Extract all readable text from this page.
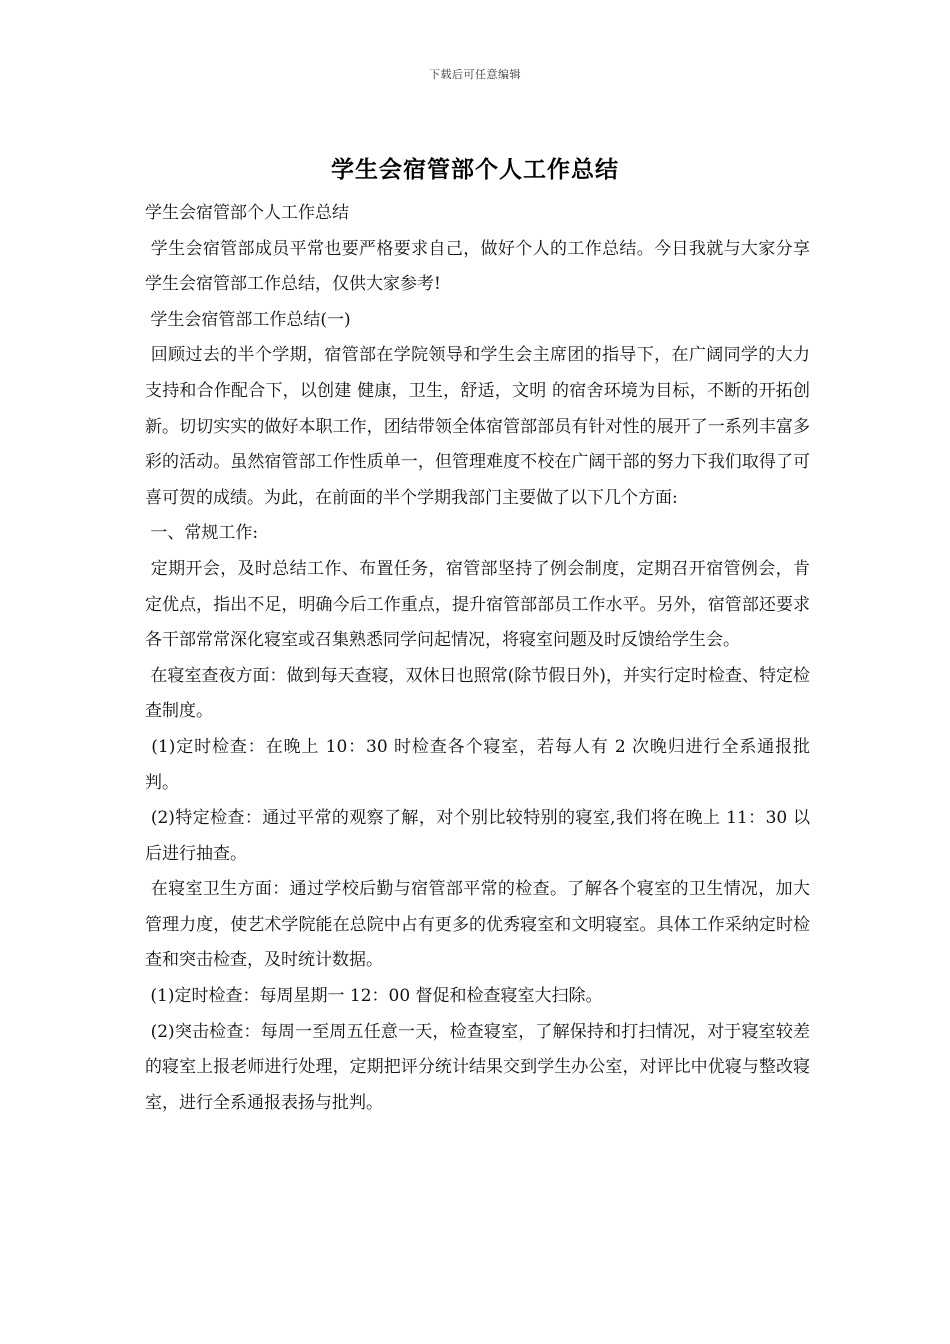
下载后可任意编辑
学生会宿管部个人工作总结

学生会宿管部个人工作总结

学生会宿管部成员平常也要严格要求自己，做好个人的工作总结。今日我就与大家分享学生会宿管部工作总结，仅供大家参考!

学生会宿管部工作总结(一)

回顾过去的半个学期，宿管部在学院领导和学生会主席团的指导下，在广阔同学的大力支持和合作配合下，以创建 健康，卫生，舒适，文明 的宿舍环境为目标，不断的开拓创新。切切实实的做好本职工作，团结带领全体宿管部部员有针对性的展开了一系列丰富多彩的活动。虽然宿管部工作性质单一，但管理难度不校在广阔干部的努力下我们取得了可喜可贺的成绩。为此，在前面的半个学期我部门主要做了以下几个方面:

一、常规工作:

定期开会，及时总结工作、布置任务，宿管部坚持了例会制度，定期召开宿管例会，肯定优点，指出不足，明确今后工作重点，提升宿管部部员工作水平。另外，宿管部还要求各干部常常深化寝室或召集熟悉同学问起情况，将寝室问题及时反馈给学生会。

在寝室查夜方面：做到每天查寝，双休日也照常(除节假日外)，并实行定时检查、特定检查制度。

(1)定时检查：在晚上 10：30 时检查各个寝室，若每人有 2 次晚归进行全系通报批判。

(2)特定检查：通过平常的观察了解，对个别比较特别的寝室,我们将在晚上 11：30 以后进行抽查。

在寝室卫生方面：通过学校后勤与宿管部平常的检查。了解各个寝室的卫生情况，加大管理力度，使艺术学院能在总院中占有更多的优秀寝室和文明寝室。具体工作采纳定时检查和突击检查，及时统计数据。

(1)定时检查：每周星期一 12：00 督促和检查寝室大扫除。

(2)突击检查：每周一至周五任意一天，检查寝室，了解保持和打扫情况，对于寝室较差的寝室上报老师进行处理，定期把评分统计结果交到学生办公室，对评比中优寝与整改寝室，进行全系通报表扬与批判。
